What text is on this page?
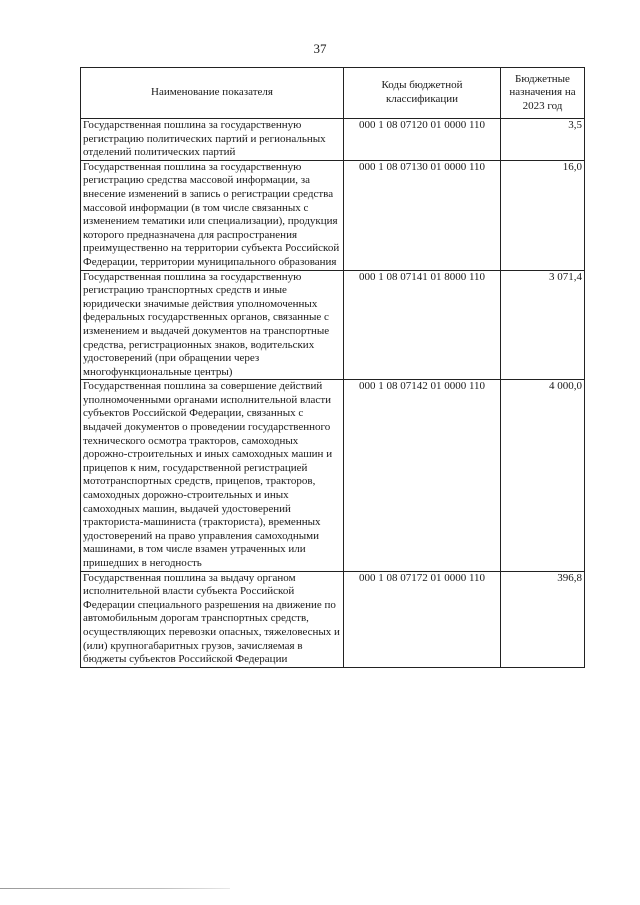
37
Наименование показателя	Коды бюджетной классификации	Бюджетные назначения на 2023 год
Государственная пошлина за государственную регистрацию политических партий и региональных отделений политических партий	000 1 08 07120 01 0000 110	3,5
Государственная пошлина за государственную регистрацию средства массовой информации, за внесение изменений в запись о регистрации средства массовой информации (в том числе связанных с изменением тематики или специализации), продукция которого предназначена для распространения преимущественно на территории субъекта Российской Федерации, территории муниципального образования	000 1 08 07130 01 0000 110	16,0
Государственная пошлина за государственную регистрацию транспортных средств и иные юридически значимые действия уполномоченных федеральных государственных органов, связанные с изменением и выдачей документов на транспортные средства, регистрационных знаков, водительских удостоверений (при обращении через многофункциональные центры)	000 1 08 07141 01 8000 110	3 071,4
Государственная пошлина за совершение действий уполномоченными органами исполнительной власти субъектов Российской Федерации, связанных с выдачей документов о проведении государственного технического осмотра тракторов, самоходных дорожно-строительных и иных самоходных машин и прицепов к ним, государственной регистрацией мототранспортных средств, прицепов, тракторов, самоходных дорожно-строительных и иных самоходных машин, выдачей удостоверений тракториста-машиниста (тракториста), временных удостоверений на право управления самоходными машинами, в том числе взамен утраченных или пришедших в негодность	000 1 08 07142 01 0000 110	4 000,0
Государственная пошлина за выдачу органом исполнительной власти субъекта Российской Федерации специального разрешения на движение по автомобильным дорогам транспортных средств, осуществляющих перевозки опасных, тяжеловесных и (или) крупногабаритных грузов, зачисляемая в бюджеты субъектов Российской Федерации	000 1 08 07172 01 0000 110	396,8
